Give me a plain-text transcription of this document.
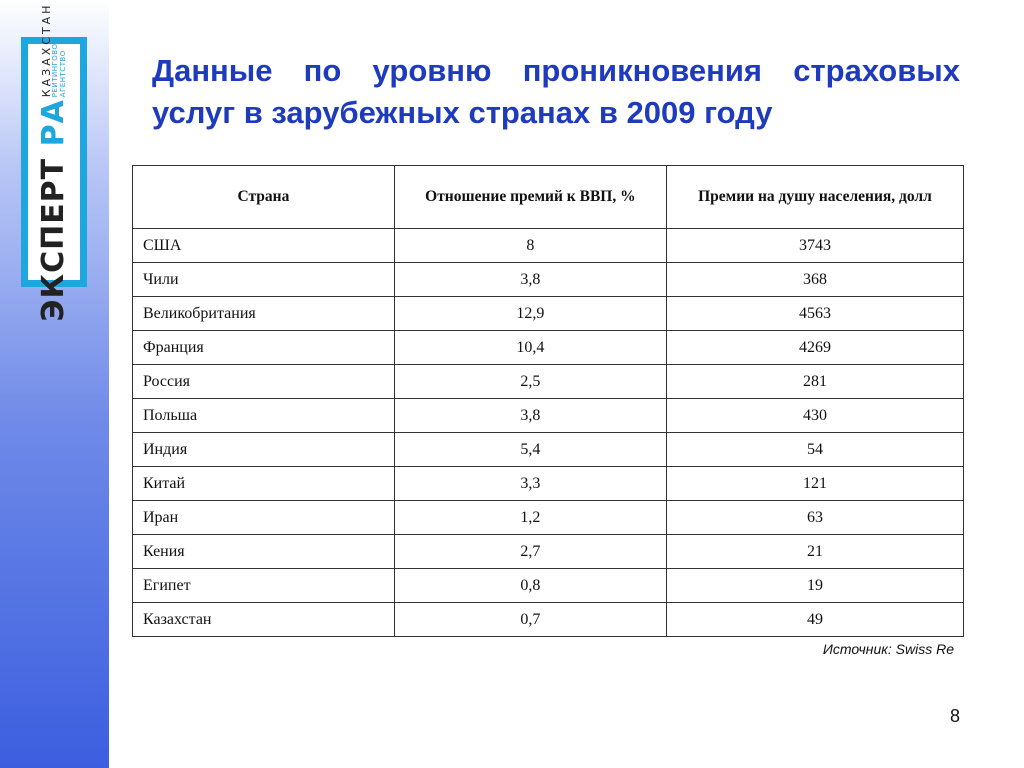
ЭКСПЕРТ РА
КАЗАХСТАН
РЕЙТИНГОВОЕ АГЕНТСТВО	Данные по уровню проникновения страховых услуг в зарубежных странах в 2009 году
Страна	Отношение премий к ВВП, %	Премии на душу населения, долл
США	8	3743
Чили	3,8	368
Великобритания	12,9	4563
Франция	10,4	4269
Россия	2,5	281
Польша	3,8	430
Индия	5,4	54
Китай	3,3	121
Иран	1,2	63
Кения	2,7	21
Египет	0,8	19
Казахстан	0,7	49
Источник: Swiss Re
8
